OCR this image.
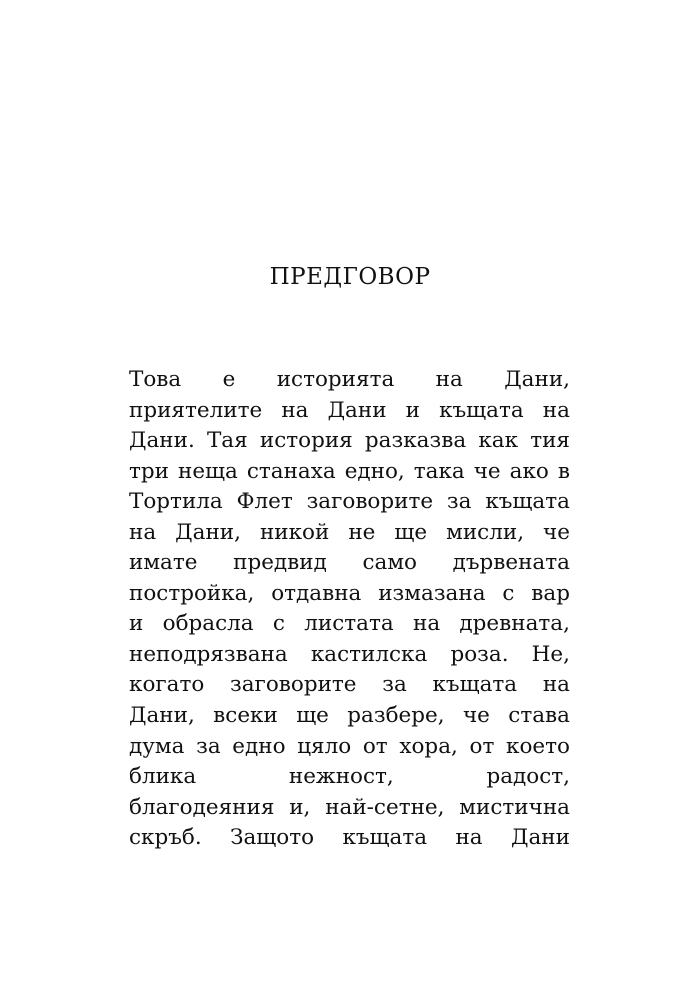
ПРЕДГОВОР
Това е историята на Дани,
приятелите на Дани и къщата на
Дани. Тая история разказва как тия
три неща станаха едно, така че ако в
Тортила Флет заговорите за къщата
на Дани, никой не ще мисли, че
имате предвид само дървената
постройка, отдавна измазана с вар
и обрасла с листата на древната,
неподрязвана кастилска роза. Не,
когато заговорите за къщата на
Дани, всеки ще разбере, че става
дума за едно цяло от хора, от което
блика	нежност,	радост,
благодеяния и, най-сетне, мистична
скръб. Защото къщата на Дани
